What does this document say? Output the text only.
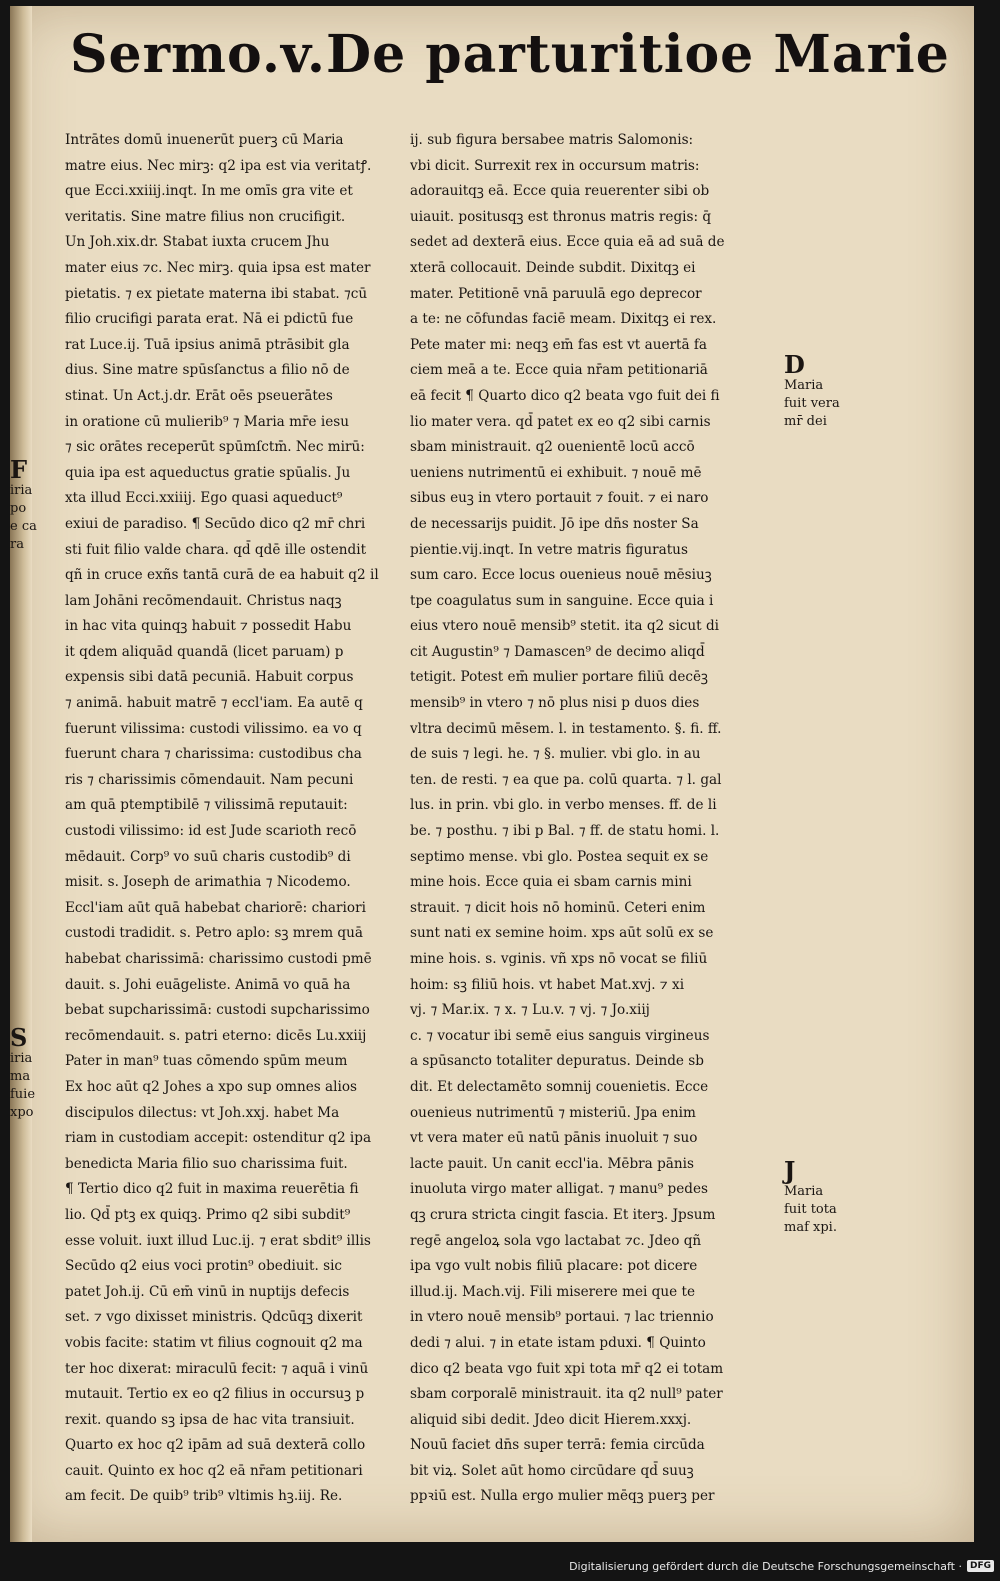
Sermo.v.De parturitioe Marie
Intrātes domū inuenerūt puerꝫ cū Maria
matre eius. Nec mirꝫ: q2 ipa est via veritatꝭ.
que Ecci.xxiiij.inqt. In me omīs gra vite et
veritatis. Sine matre filius non crucifigit.
Un Joh.xix.dr. Stabat iuxta crucem Jhu
mater eius ⁊c. Nec mirꝫ. quia ipsa est mater
pietatis. ⁊ ex pietate materna ibi stabat. ⁊cū
filio crucifigi parata erat. Nā ei pdictū fue
rat Luce.ij. Tuā ipsius animā ptrāsibit gla
dius. Sine matre spūsſanctus a filio nō de
stinat. Un Act.j.dr. Erāt oēs pseuerātes
in oratione cū mulierib⁹ ⁊ Maria mr̄e iesu
⁊ sic orātes receperūt spūmſctm̄. Nec mirū:
quia ipa est aqueductus gratie spūalis. Ju
xta illud Ecci.xxiiij. Ego quasi aqueduct⁹
exiui de paradiso. ¶ Secūdo dico q2 mr̄ chri
sti fuit filio valde chara. qd̄ qdē ille ostendit
qñ in cruce exñs tantā curā de ea habuit q2 il
lam Johāni recōmendauit. Christus naqꝫ
in hac vita quinqꝫ habuit ⁊ possedit Habu
it qdem aliquād quandā (licet paruam) p
expensis sibi datā pecuniā. Habuit corpus
⁊ animā. habuit matrē ⁊ eccl'iam. Ea autē q
fuerunt vilissima: custodi vilissimo. ea vo q
fuerunt chara ⁊ charissima: custodibus cha
ris ⁊ charissimis cōmendauit. Nam pecuni
am quā ptemptibilē ⁊ vilissimā reputauit:
custodi vilissimo: id est Jude scarioth recō
mēdauit. Corp⁹ vo suū charis custodib⁹ di
misit. s. Joseph de arimathia ⁊ Nicodemo.
Eccl'iam aūt quā habebat chariorē: chariori
custodi tradidit. s. Petro aplo: sꝫ mrem quā
habebat charissimā: charissimo custodi pmē
dauit. s. Johi euāgeliste. Animā vo quā ha
bebat supcharissimā: custodi supcharissimo
recōmendauit. s. patri eterno: dicēs Lu.xxiij
Pater in man⁹ tuas cōmendo spūm meum
Ex hoc aūt q2 Johes a xpo sup omnes alios
discipulos dilectus: vt Joh.xxj. habet Ma
riam in custodiam accepit: ostenditur q2 ipa
benedicta Maria filio suo charissima fuit.
¶ Tertio dico q2 fuit in maxima reuerētia fi
lio. Qd̄ ptꝫ ex quiqꝫ. Primo q2 sibi subdit⁹
esse voluit. iuxt illud Luc.ij. ⁊ erat sbdit⁹ illis
Secūdo q2 eius voci protin⁹ obediuit. sic
patet Joh.ij. Cū em̄ vinū in nuptijs defecis
set. ⁊ vgo dixisset ministris. Qdcūqꝫ dixerit
vobis facite: statim vt filius cognouit q2 ma
ter hoc dixerat: miraculū fecit: ⁊ aquā i vinū
mutauit. Tertio ex eo q2 filius in occursuꝫ p
rexit. quando sꝫ ipsa de hac vita transiuit.
Quarto ex hoc q2 ipām ad suā dexterā collo
cauit. Quinto ex hoc q2 eā nr̄am petitionari
am fecit. De quib⁹ trib⁹ vltimis hꝫ.iij. Re.
ij. sub figura bersabee matris Salomonis:
vbi dicit. Surrexit rex in occursum matris:
adorauitqꝫ eā. Ecce quia reuerenter sibi ob
uiauit. positusqꝫ est thronus matris regis: q̄
sedet ad dexterā eius. Ecce quia eā ad suā de
xterā collocauit. Deinde subdit. Dixitqꝫ ei
mater. Petitionē vnā paruulā ego deprecor
a te: ne cōfundas faciē meam. Dixitqꝫ ei rex.
Pete mater mi: neqꝫ em̄ fas est vt auertā fa
ciem meā a te. Ecce quia nr̄am petitionariā
eā fecit ¶ Quarto dico q2 beata vgo fuit dei fi
lio mater vera. qd̄ patet ex eo q2 sibi carnis
sbam ministrauit. q2 ouenientē locū accō
ueniens nutrimentū ei exhibuit. ⁊ nouē mē
sibus euꝫ in vtero portauit ⁊ fouit. ⁊ ei naro
de necessarijs puidit. Jō ipe dn̄s noster Sa
pientie.vij.inqt. In vetre matris figuratus
sum caro. Ecce locus ouenieus nouē mēsiuꝫ
tpe coagulatus sum in sanguine. Ecce quia i
eius vtero nouē mensib⁹ stetit. ita q2 sicut di
cit Augustin⁹ ⁊ Damascen⁹ de decimo aliqd̄
tetigit. Potest em̄ mulier portare filiū decēꝫ
mensib⁹ in vtero ⁊ nō plus nisi p duos dies
vltra decimū mēsem. l. in testamento. §. fi. ff.
de suis ⁊ legi. he. ⁊ §. mulier. vbi glo. in au
ten. de resti. ⁊ ea que pa. colū quarta. ⁊ l. gal
lus. in prin. vbi glo. in verbo menses. ff. de li
be. ⁊ posthu. ⁊ ibi p Bal. ⁊ ff. de statu homi. l.
septimo mense. vbi glo. Postea sequit ex se
mine hois. Ecce quia ei sbam carnis mini
strauit. ⁊ dicit hois nō hominū. Ceteri enim
sunt nati ex semine hoim. xps aūt solū ex se
mine hois. s. vginis. vñ xps nō vocat se filiū
hoim: sꝫ filiū hois. vt habet Mat.xvj. ⁊ xi
vj. ⁊ Mar.ix. ⁊ x. ⁊ Lu.v. ⁊ vj. ⁊ Jo.xiij
c. ⁊ vocatur ibi semē eius sanguis virgineus
a spūsancto totaliter depuratus. Deinde sb
dit. Et delectamēto somnij couenietis. Ecce
ouenieus nutrimentū ⁊ misteriū. Jpa enim
vt vera mater eū natū pānis inuoluit ⁊ suo
lacte pauit. Un canit eccl'ia. Mēbra pānis
inuoluta virgo mater alligat. ⁊ manu⁹ pedes
qꝫ crura stricta cingit fascia. Et iterꝫ. Jpsum
regē angeloꝝ sola vgo lactabat ⁊c. Jdeo qñ
ipa vgo vult nobis filiū placare: pot dicere
illud.ij. Mach.vij. Fili miserere mei que te
in vtero nouē mensib⁹ portaui. ⁊ lac triennio
dedi ⁊ alui. ⁊ in etate istam pduxi. ¶ Quinto
dico q2 beata vgo fuit xpi tota mr̄ q2 ei totam
sbam corporalē ministrauit. ita q2 null⁹ pater
aliquid sibi dedit. Jdeo dicit Hierem.xxxj.
Nouū faciet dn̄s super terrā: femia circūda
bit viꝝ. Solet aūt homo circūdare qd̄ suuꝫ
ppꝛiū est. Nulla ergo mulier mēqꝫ puerꝫ per
F
iria
po
e ca
ra
S
iria
ma
fuie
xpo
D
Maria
fuit vera
mr̄ dei
J
Maria
fuit tota
maf xpi.
Digitalisierung gefördert durch die Deutsche Forschungsgemeinschaft · DFG
